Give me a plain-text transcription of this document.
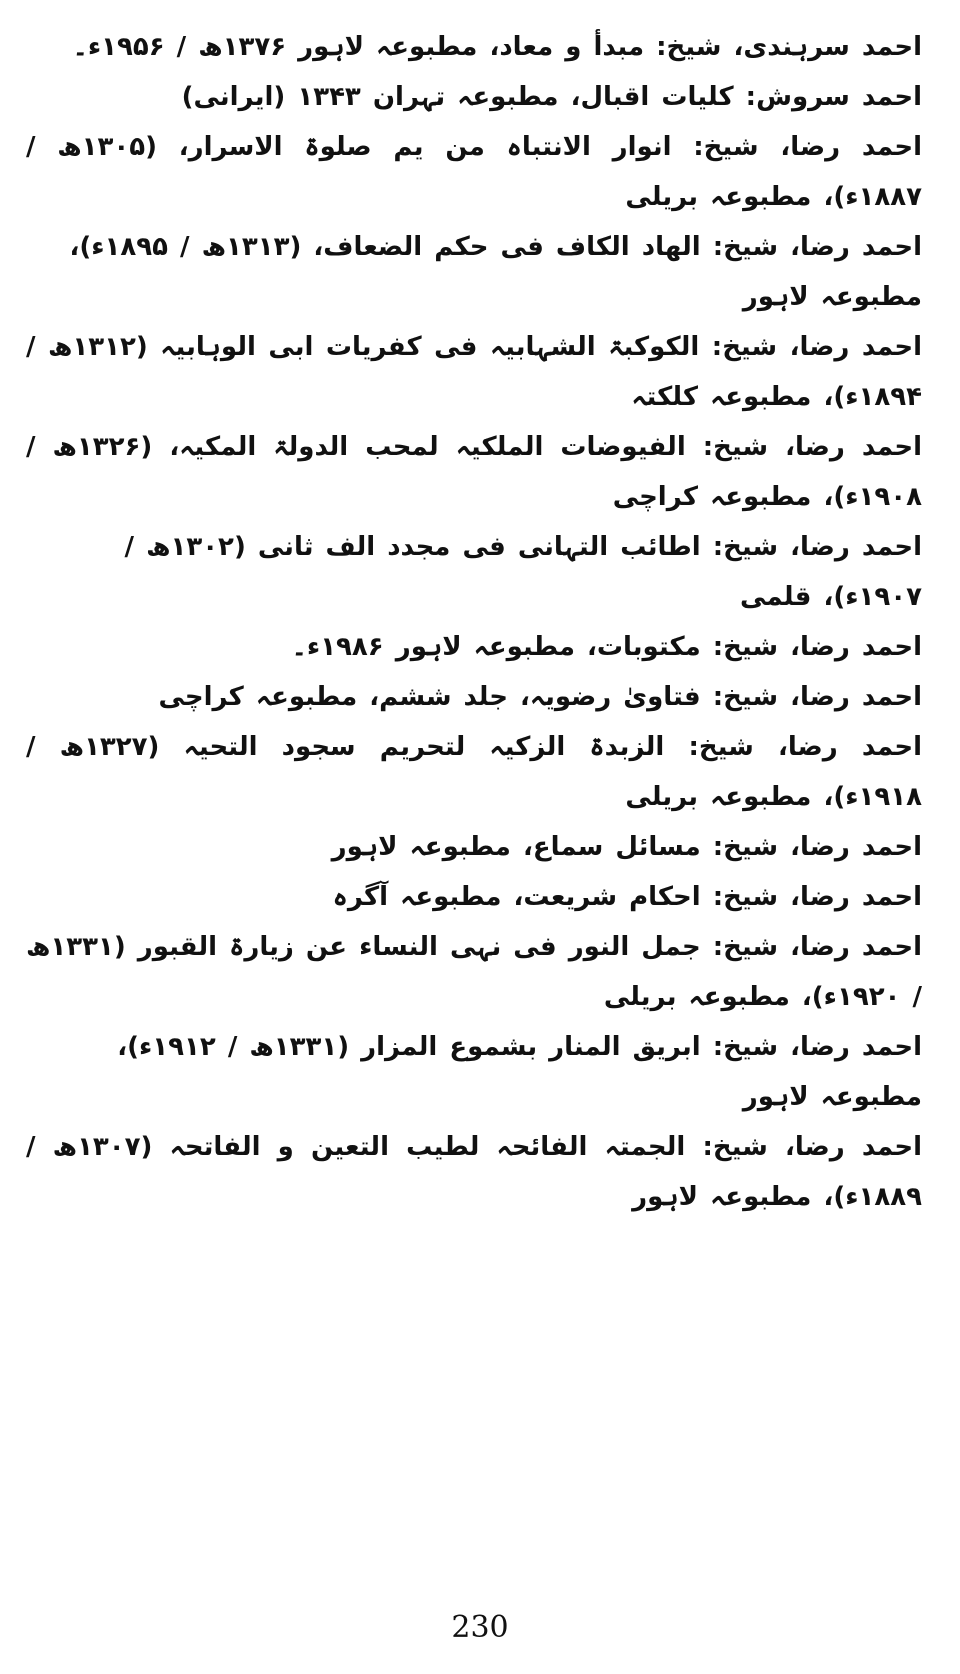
احمد سرہندی، شیخ: مبدأ و معاد، مطبوعہ لاہور ۱۳۷۶ھ / ۱۹۵۶ء۔

احمد سروش: کلیات اقبال، مطبوعہ تہران ۱۳۴۳ (ایرانی)

احمد رضا، شیخ: انوار الانتباہ من یم صلوۃ الاسرار، (۱۳۰۵ھ / ۱۸۸۷ء)، مطبوعہ بریلی

احمد رضا، شیخ: الهاد الکاف فی حکم الضعاف، (۱۳۱۳ھ / ۱۸۹۵ء)، مطبوعہ لاہور

احمد رضا، شیخ: الکوکبۃ الشہابیہ فی کفریات ابی الوہابیہ (۱۳۱۲ھ / ۱۸۹۴ء)، مطبوعہ کلکتہ

احمد رضا، شیخ: الفیوضات الملکیہ لمحب الدولۃ المکیہ، (۱۳۲۶ھ / ۱۹۰۸ء)، مطبوعہ کراچی

احمد رضا، شیخ: اطائب التہانی فی مجدد الف ثانی (۱۳۰۲ھ / ۱۹۰۷ء)، قلمی

احمد رضا، شیخ: مکتوبات، مطبوعہ لاہور ۱۹۸۶ء۔

احمد رضا، شیخ: فتاویٰ رضویہ، جلد ششم، مطبوعہ کراچی

احمد رضا، شیخ: الزبدۃ الزکیہ لتحریم سجود التحیہ (۱۳۲۷ھ / ۱۹۱۸ء)، مطبوعہ بریلی

احمد رضا، شیخ: مسائل سماع، مطبوعہ لاہور

احمد رضا، شیخ: احکام شریعت، مطبوعہ آگرہ

احمد رضا، شیخ: جمل النور فی نہی النساء عن زیارۃ القبور (۱۳۳۱ھ / ۱۹۲۰ء)، مطبوعہ بریلی

احمد رضا، شیخ: ابریق المنار بشموع المزار (۱۳۳۱ھ / ۱۹۱۲ء)، مطبوعہ لاہور

احمد رضا، شیخ: الجمتہ الفائحہ لطیب التعین و الفاتحہ (۱۳۰۷ھ / ۱۸۸۹ء)، مطبوعہ لاہور

230
